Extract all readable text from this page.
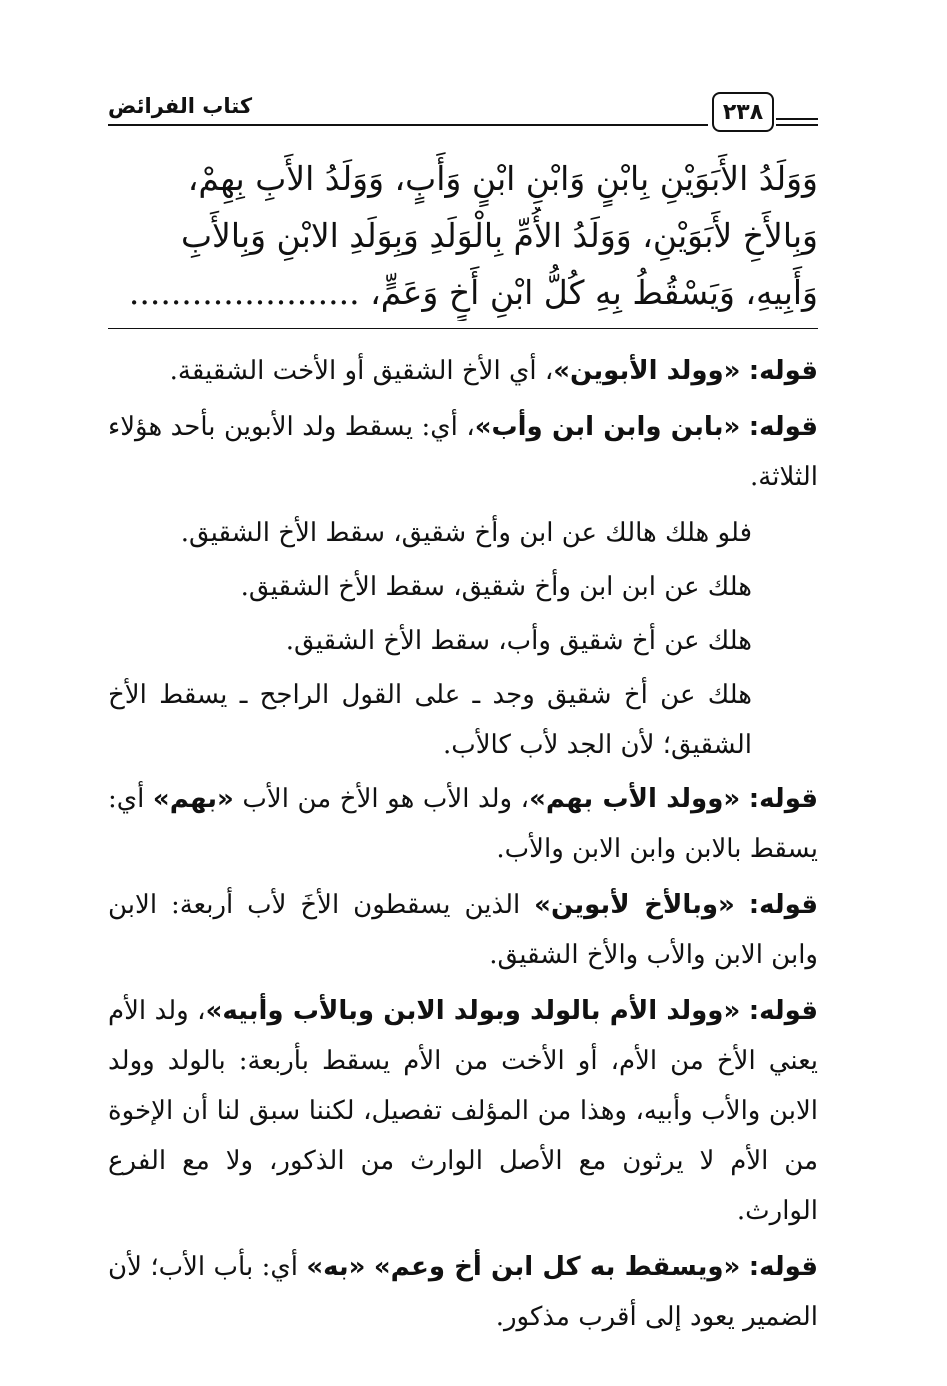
كتاب الفرائض	٢٣٨
وَوَلَدُ الأَبَوَيْنِ بِابْنٍ وَابْنِ ابْنٍ وَأَبٍ، وَوَلَدُ الأَبِ بِهِمْ،
وَبِالأَخِ لأَبَوَيْنِ، وَوَلَدُ الأُمِّ بِالْوَلَدِ وَبِوَلَدِ الابْنِ وَبِالأَبِ
وَأَبِيهِ، وَيَسْقُطُ بِهِ كُلُّ ابْنِ أَخٍ وَعَمٍّ، ......................

قوله: «وولد الأبوين»، أي الأخ الشقيق أو الأخت الشقيقة.

قوله: «بابن وابن ابن وأب»، أي: يسقط ولد الأبوين بأحد هؤلاء الثلاثة.

فلو هلك هالك عن ابن وأخ شقيق، سقط الأخ الشقيق.

هلك عن ابن ابن وأخ شقيق، سقط الأخ الشقيق.

هلك عن أخ شقيق وأب، سقط الأخ الشقيق.

هلك عن أخ شقيق وجد ـ على القول الراجح ـ يسقط الأخ الشقيق؛ لأن الجد لأب كالأب.

قوله: «وولد الأب بهم»، ولد الأب هو الأخ من الأب «بهم» أي: يسقط بالابن وابن الابن والأب.

قوله: «وبالأخ لأبوين» الذين يسقطون الأخَ لأب أربعة: الابن وابن الابن والأب والأخ الشقيق.

قوله: «وولد الأم بالولد وبولد الابن وبالأب وأبيه»، ولد الأم يعني الأخ من الأم، أو الأخت من الأم يسقط بأربعة: بالولد وولد الابن والأب وأبيه، وهذا من المؤلف تفصيل، لكننا سبق لنا أن الإخوة من الأم لا يرثون مع الأصل الوارث من الذكور، ولا مع الفرع الوارث.

قوله: «ويسقط به كل ابن أخ وعم» «به» أي: بأب الأب؛ لأن الضمير يعود إلى أقرب مذكور.
